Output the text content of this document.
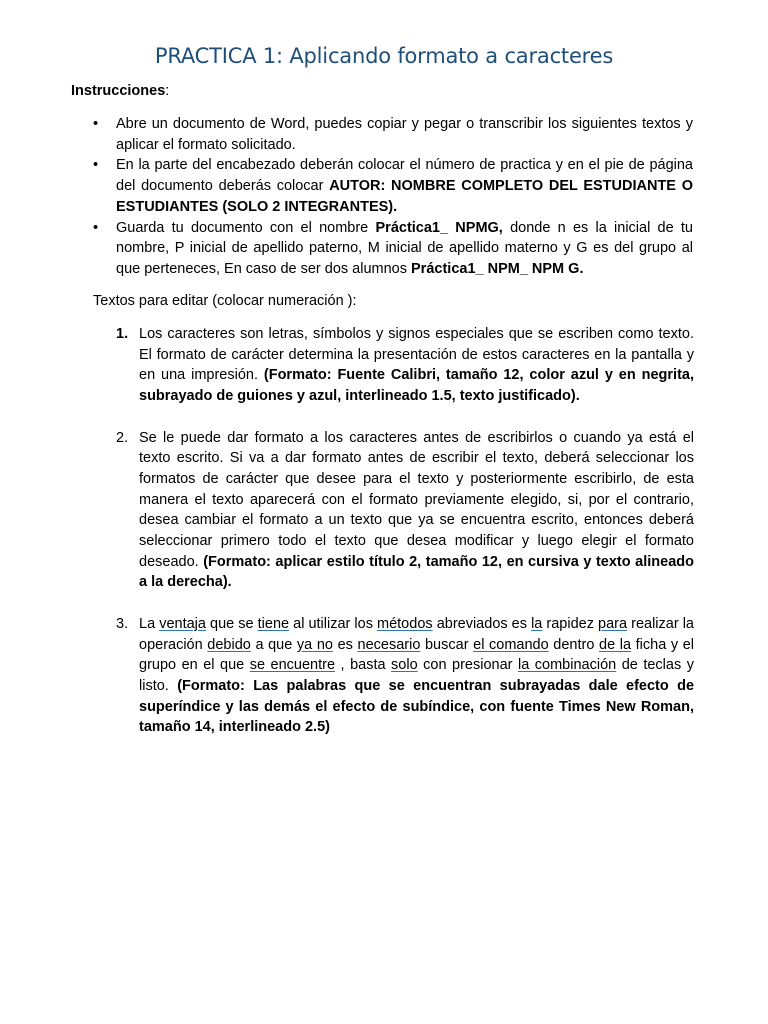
PRACTICA 1: Aplicando formato a caracteres
Instrucciones:
• Abre un documento de Word, puedes copiar y pegar o transcribir los siguientes textos y aplicar el formato solicitado.
• En la parte del encabezado deberán colocar el número de practica y en el pie de página del documento deberás colocar AUTOR: NOMBRE COMPLETO DEL ESTUDIANTE O ESTUDIANTES (SOLO 2 INTEGRANTES).
• Guarda tu documento con el nombre Práctica1_ NPMG, donde n es la inicial de tu nombre, P inicial de apellido paterno, M inicial de apellido materno y G es del grupo al que perteneces, En caso de ser dos alumnos Práctica1_ NPM_ NPM G.
Textos para editar (colocar numeración ):
1. Los caracteres son letras, símbolos y signos especiales que se escriben como texto. El formato de carácter determina la presentación de estos caracteres en la pantalla y en una impresión. (Formato: Fuente Calibri, tamaño 12, color azul y en negrita, subrayado de guiones y azul, interlineado 1.5, texto justificado).
2. Se le puede dar formato a los caracteres antes de escribirlos o cuando ya está el texto escrito. Si va a dar formato antes de escribir el texto, deberá seleccionar los formatos de carácter que desee para el texto y posteriormente escribirlo, de esta manera el texto aparecerá con el formato previamente elegido, si, por el contrario, desea cambiar el formato a un texto que ya se encuentra escrito, entonces deberá seleccionar primero todo el texto que desea modificar y luego elegir el formato deseado. (Formato: aplicar estilo título 2, tamaño 12, en cursiva y texto alineado a la derecha).
3. La ventaja que se tiene al utilizar los métodos abreviados es la rapidez para realizar la operación debido a que ya no es necesario buscar el comando dentro de la ficha y el grupo en el que se encuentre , basta solo con presionar la combinación de teclas y listo. (Formato: Las palabras que se encuentran subrayadas dale efecto de superíndice y las demás el efecto de subíndice, con fuente Times New Roman, tamaño 14, interlineado 2.5)
